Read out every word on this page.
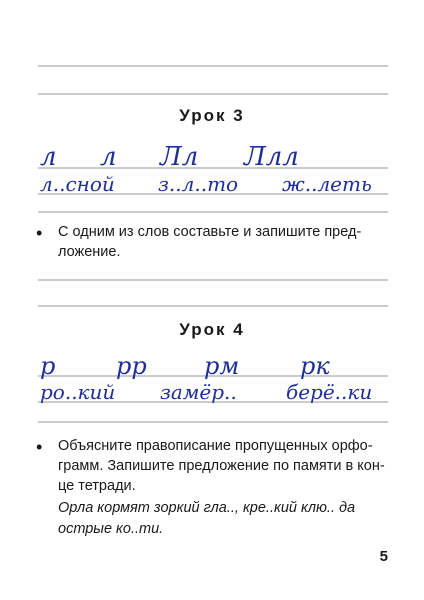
Урок 3
л л Лл Ллл
л..сной з..л..то ж..леть
• С одним из слов составьте и запишите пред-ложение.
Урок 4
р	рр рм	рк
ро..кий замёр.. берё..ки
• Объясните правописание пропущенных орфо-грамм. Запишите предложение по памяти в кон-це тетради.
Орла кормят зоркий гла.., кре..кий клю.. да острые ко..ти.
5
